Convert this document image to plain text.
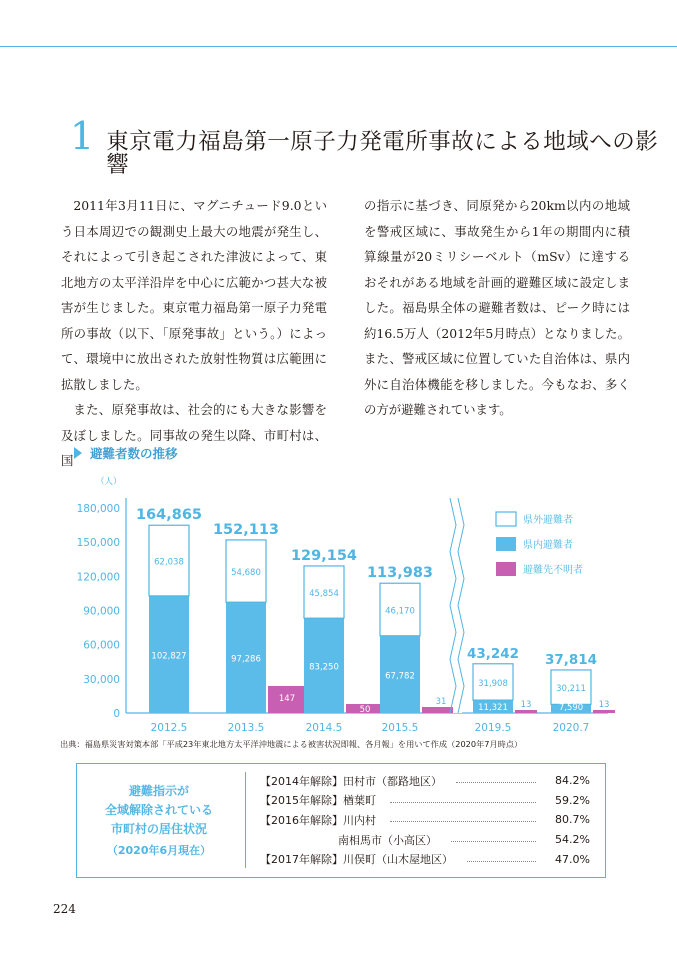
1 東京電力福島第一原子力発電所事故による地域への影響

2011年3月11日に、マグニチュード9.0という日本周辺での観測史上最大の地震が発生し、それによって引き起こされた津波によって、東北地方の太平洋沿岸を中心に広範かつ甚大な被害が生じました。東京電力福島第一原子力発電所の事故（以下、「原発事故」という。）によって、環境中に放出された放射性物質は広範囲に拡散しました。

また、原発事故は、社会的にも大きな影響を及ぼしました。同事故の発生以降、市町村は、国

の指示に基づき、同原発から20km以内の地域を警戒区域に、事故発生から1年の期間内に積算線量が20ミリシーベルト（mSv）に達するおそれがある地域を計画的避難区域に設定しました。福島県全体の避難者数は、ピーク時には約16.5万人（2012年5月時点）となりました。また、警戒区域に位置していた自治体は、県内外に自治体機能を移しました。今もなお、多くの方が避難されています。

避難者数の推移
（人）
180,000
150,000
120,000
90,000
60,000
30,000
0
102,827
62,038
164,865
2012.5
97,286
54,680
152,113
147
2013.5
83,250
45,854
129,154
50
2014.5
67,782
46,170
113,983
31
2015.5
11,321
31,908
43,242
13
2019.5
7,590
30,211
37,814
13
2020.7
県外避難者
県内避難者
避難先不明者
出典：福島県災害対策本部「平成23年東北地方太平洋沖地震による被害状況即報、各月報」を用いて作成（2020年7月時点）
避難指示が
全域解除されている
市町村の居住状況
（2020年6月現在）
【2014年解除】田村市（都路地区）	84.2%
【2015年解除】楢葉町	59.2%
【2016年解除】川内村	80.7%
南相馬市（小高区）	54.2%
【2017年解除】川俣町（山木屋地区）	47.0%
224
